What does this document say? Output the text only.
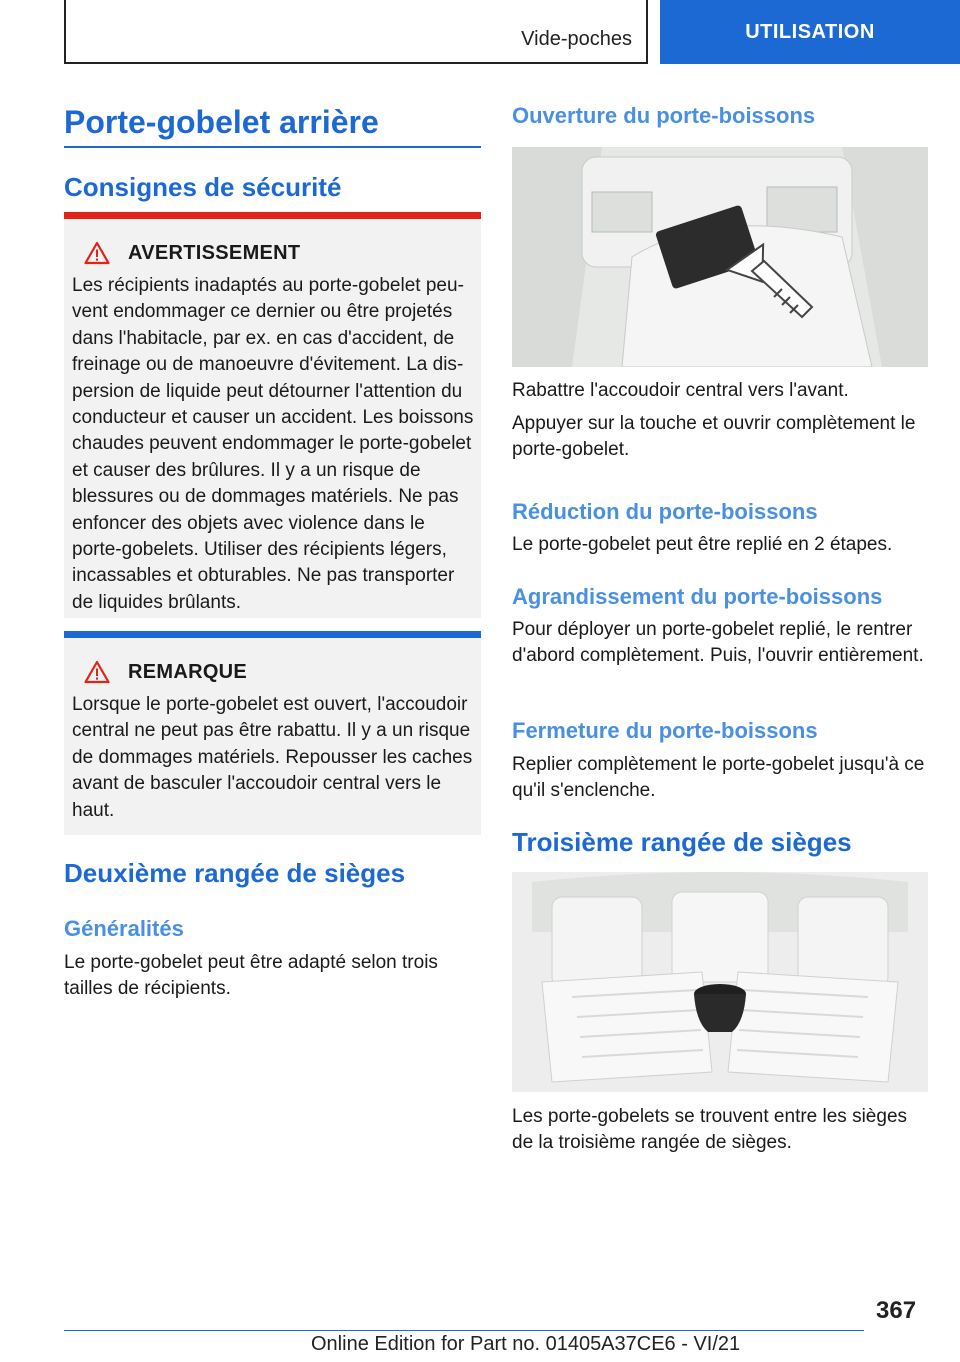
Vide-poches	UTILISATION
Porte-gobelet arrière
Consignes de sécurité
AVERTISSEMENT

Les récipients inadaptés au porte-gobelet peuvent endommager ce dernier ou être projetés dans l'habitacle, par ex. en cas d'accident, de freinage ou de manoeuvre d'évitement. La dispersion de liquide peut détourner l'attention du conducteur et causer un accident. Les boissons chaudes peuvent endommager le porte-gobelet et causer des brûlures. Il y a un risque de blessures ou de dommages matériels. Ne pas enfoncer des objets avec violence dans le porte-gobelets. Utiliser des récipients légers, incassables et obturables. Ne pas transporter de liquides brûlants.

REMARQUE

Lorsque le porte-gobelet est ouvert, l'accoudoir central ne peut pas être rabattu. Il y a un risque de dommages matériels. Repousser les caches avant de basculer l'accoudoir central vers le haut.

Deuxième rangée de sièges
Généralités

Le porte-gobelet peut être adapté selon trois tailles de récipients.

Ouverture du porte-boissons

Rabattre l'accoudoir central vers l'avant.

Appuyer sur la touche et ouvrir complètement le porte-gobelet.

Réduction du porte-boissons

Le porte-gobelet peut être replié en 2 étapes.

Agrandissement du porte-boissons

Pour déployer un porte-gobelet replié, le rentrer d'abord complètement. Puis, l'ouvrir entièrement.

Fermeture du porte-boissons

Replier complètement le porte-gobelet jusqu'à ce qu'il s'enclenche.

Troisième rangée de sièges

Les porte-gobelets se trouvent entre les sièges de la troisième rangée de sièges.

367
Online Edition for Part no. 01405A37CE6 - VI/21
